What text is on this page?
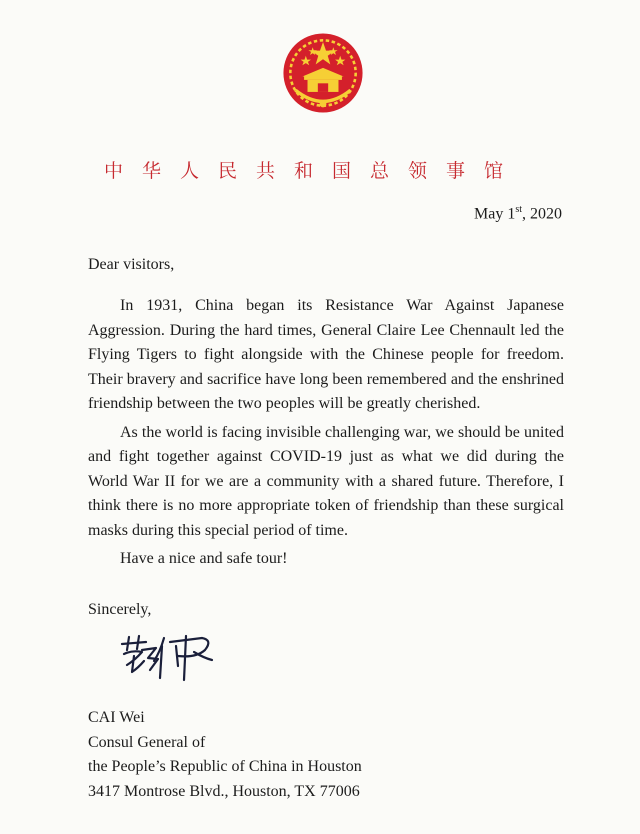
中华人民共和国总领事馆
May 1st, 2020
Dear visitors,

In 1931, China began its Resistance War Against Japanese Aggression. During the hard times, General Claire Lee Chennault led the Flying Tigers to fight alongside with the Chinese people for freedom. Their bravery and sacrifice have long been remembered and the enshrined friendship between the two peoples will be greatly cherished.

As the world is facing invisible challenging war, we should be united and fight together against COVID-19 just as what we did during the World War II for we are a community with a shared future. Therefore, I think there is no more appropriate token of friendship than these surgical masks during this special period of time.

Have a nice and safe tour!

Sincerely,
CAI Wei
Consul General of
the People’s Republic of China in Houston
3417 Montrose Blvd., Houston, TX 77006
